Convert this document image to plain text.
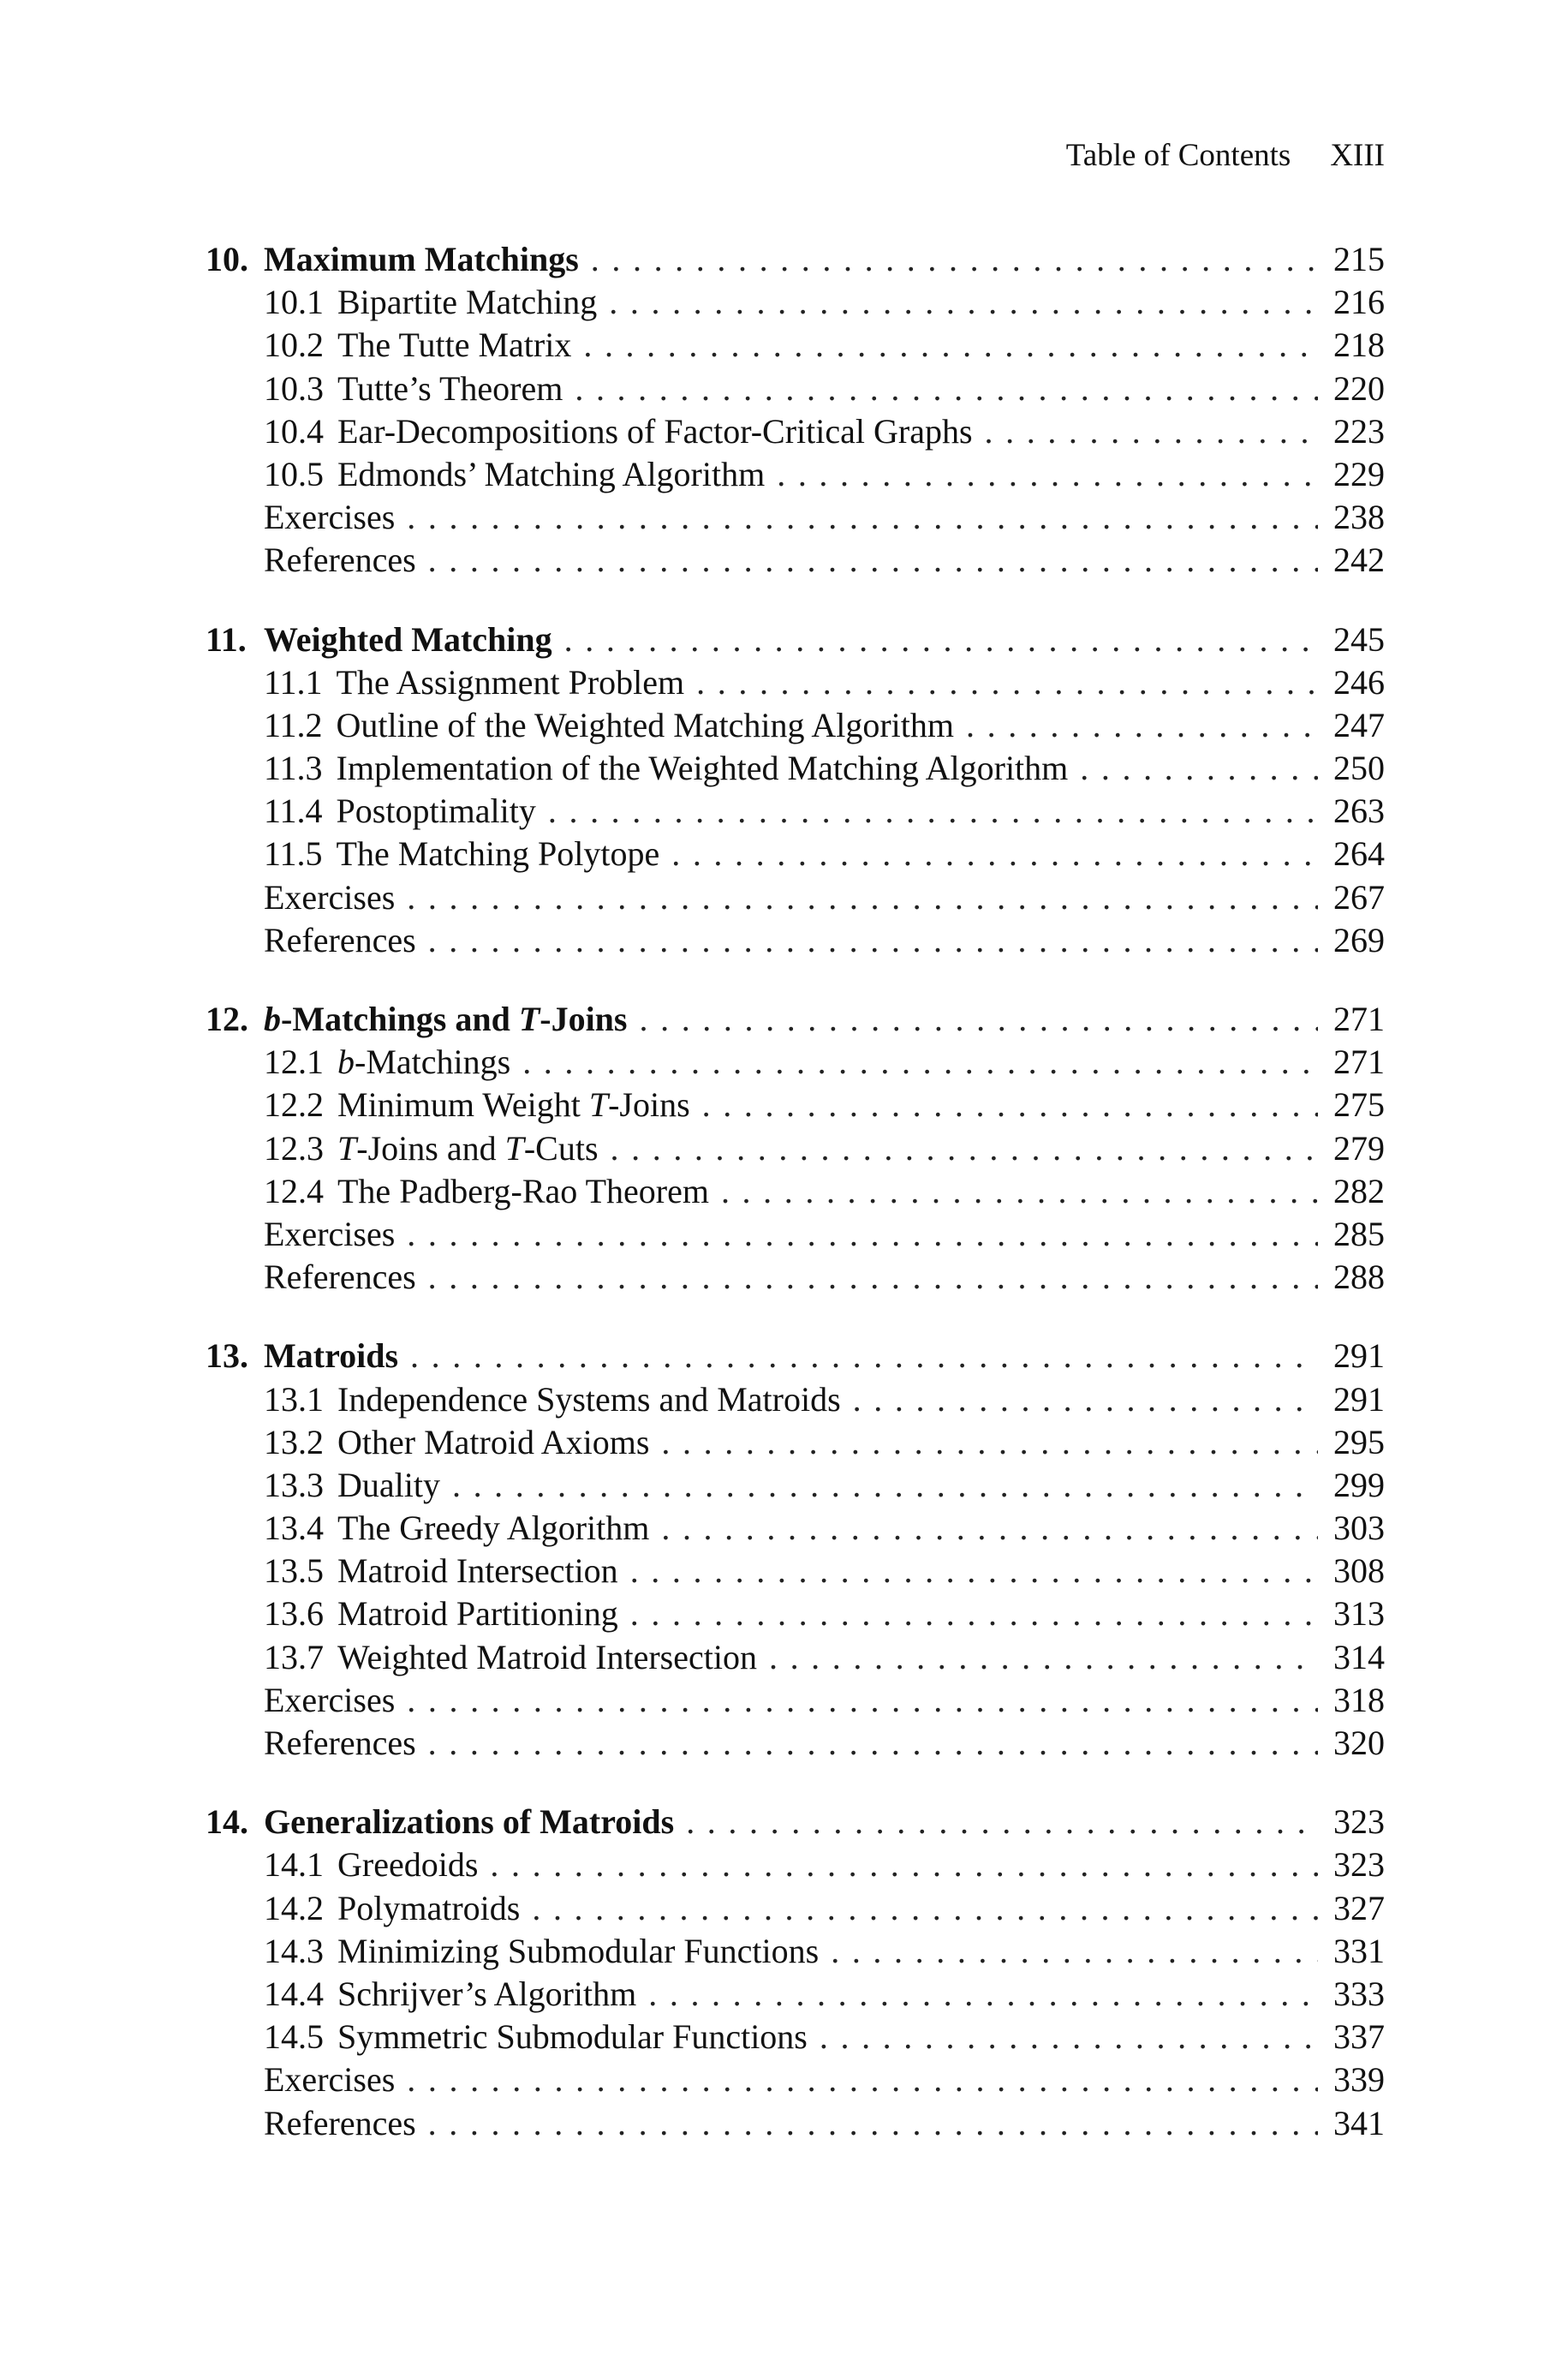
Table of Contents XIII
10. Maximum Matchings . . .	215
10.1 Bipartite Matching . . .	216
10.2 The Tutte Matrix . . .	218
10.3 Tutte’s Theorem . . .	220
10.4 Ear-Decompositions of Factor-Critical Graphs . . .	223
10.5 Edmonds’ Matching Algorithm . . .	229
Exercises . . .	238
References . . .	242
11. Weighted Matching . . .	245
11.1 The Assignment Problem . . .	246
11.2 Outline of the Weighted Matching Algorithm . . .	247
11.3 Implementation of the Weighted Matching Algorithm . . .	250
11.4 Postoptimality . . .	263
11.5 The Matching Polytope . . .	264
Exercises . . .	267
References . . .	269
12. b-Matchings and T-Joins . . .	271
12.1 b-Matchings . . .	271
12.2 Minimum Weight T-Joins . . .	275
12.3 T-Joins and T-Cuts . . .	279
12.4 The Padberg-Rao Theorem . . .	282
Exercises . . .	285
References . . .	288
13. Matroids . . .	291
13.1 Independence Systems and Matroids . . .	291
13.2 Other Matroid Axioms . . .	295
13.3 Duality . . .	299
13.4 The Greedy Algorithm . . .	303
13.5 Matroid Intersection . . .	308
13.6 Matroid Partitioning . . .	313
13.7 Weighted Matroid Intersection . . .	314
Exercises . . .	318
References . . .	320
14. Generalizations of Matroids . . .	323
14.1 Greedoids . . .	323
14.2 Polymatroids . . .	327
14.3 Minimizing Submodular Functions . . .	331
14.4 Schrijver’s Algorithm . . .	333
14.5 Symmetric Submodular Functions . . .	337
Exercises . . .	339
References . . .	341
